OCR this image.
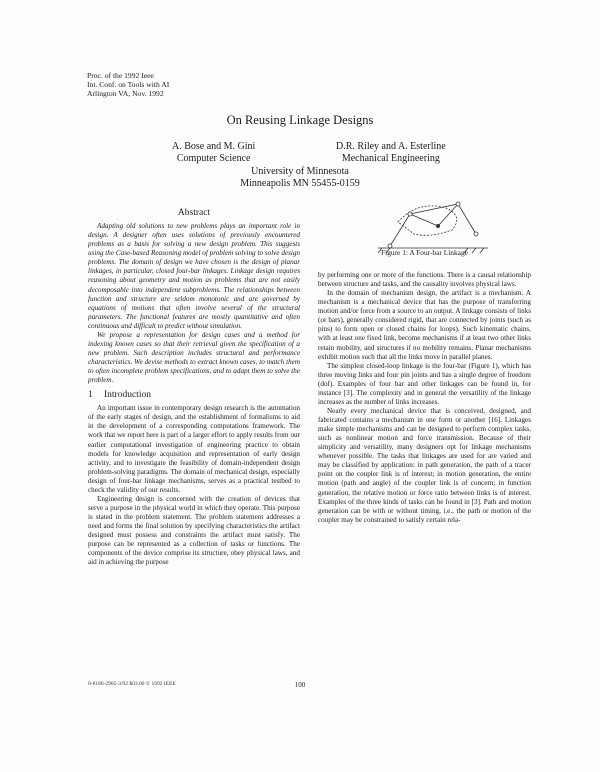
Proc. of the 1992 Ieee
Int. Conf. on Tools with AI
Arlington VA, Nov. 1992
On Reusing Linkage Designs
A. Bose and M. Gini
Computer Science
D.R. Riley and A. Esterline
Mechanical Engineering
University of Minnesota
Minneapolis MN 55455-0159
Abstract

Adapting old solutions to new problems plays an important role in design. A designer often uses solutions of previously encountered problems as a basis for solving a new design problem. This suggests using the Case-based Reasoning model of problem solving to solve design problems. The domain of design we have chosen is the design of planar linkages, in particular, closed four-bar linkages. Linkage design requires reasoning about geometry and motion as problems that are not easily decomposable into independent subproblems. The relationships between function and structure are seldom monotonic and are governed by equations of motions that often involve several of the structural parameters. The functional features are mostly quantitative and often continuous and difficult to predict without simulation.

We propose a representation for design cases and a method for indexing known cases so that their retrieval given the specification of a new problem. Such description includes structural and performance characteristics. We devise methods to extract known cases, to match them to often incomplete problem specifications, and to adapt them to solve the problem.

1 Introduction

An important issue in contemporary design research is the automation of the early stages of design, and the establishment of formalisms to aid in the development of a corresponding computations framework. The work that we report here is part of a larger effort to apply results from our earlier computational investigation of engineering practice to obtain models for knowledge acquisition and representation of early design activity, and to investigate the feasibility of domain-independent design problem-solving paradigms. The domain of mechanical design, especially design of four-bar linkage mechanisms, serves as a practical testbed to check the validity of our results.

Engineering design is concerned with the creation of devices that serve a purpose in the physical world in which they operate. This purpose is stated in the problem statement. The problem statement addresses a need and forms the final solution by specifying characteristics the artifact designed must possess and constraints the artifact must satisfy. The purpose can be represented as a collection of tasks or functions. The components of the device comprise its structure, obey physical laws, and aid in achieving the purpose

Figure 1: A Four-bar Linkage

by performing one or more of the functions. There is a causal relationship between structure and tasks, and the causality involves physical laws.

In the domain of mechanism design, the artifact is a mechanism. A mechanism is a mechanical device that has the purpose of transferring motion and/or force from a source to an output. A linkage consists of links (or bars), generally considered rigid, that are connected by joints (such as pins) to form open or closed chains for loops). Such kinematic chains, with at least one fixed link, become mechanisms if at least two other links retain mobility, and structures if no mobility remains. Planar mechanisms exhibit motion such that all the links move in parallel planes.

The simplest closed-loop linkage is the four-bar (Figure 1), which has three moving links and four pin joints and has a single degree of freedom (dof). Examples of four bar and other linkages can be found in, for instance [3]. The complexity and in general the versatility of the linkage increases as the number of links increases.

Nearly every mechanical device that is conceived, designed, and fabricated contains a mechanism in one form or another [16]. Linkages make simple mechanisms and can be designed to perform complex tasks, such as nonlinear motion and force transmission. Because of their simplicity and versatility, many designers opt for linkage mechanisms whenever possible. The tasks that linkages are used for are varied and may be classified by application: in path generation, the path of a tracer point on the coupler link is of interest; in motion generation, the entire motion (path and angle) of the coupler link is of concern; in function generation, the relative motion or force ratio between links is of interest. Examples of the three kinds of tasks can be found in [3]. Path and motion generation can be with or without timing, i.e., the path or motion of the coupler may be constrained to satisfy certain rela-

0-8186-2905-3/92 $03.00 © 1992 IEEE	100
